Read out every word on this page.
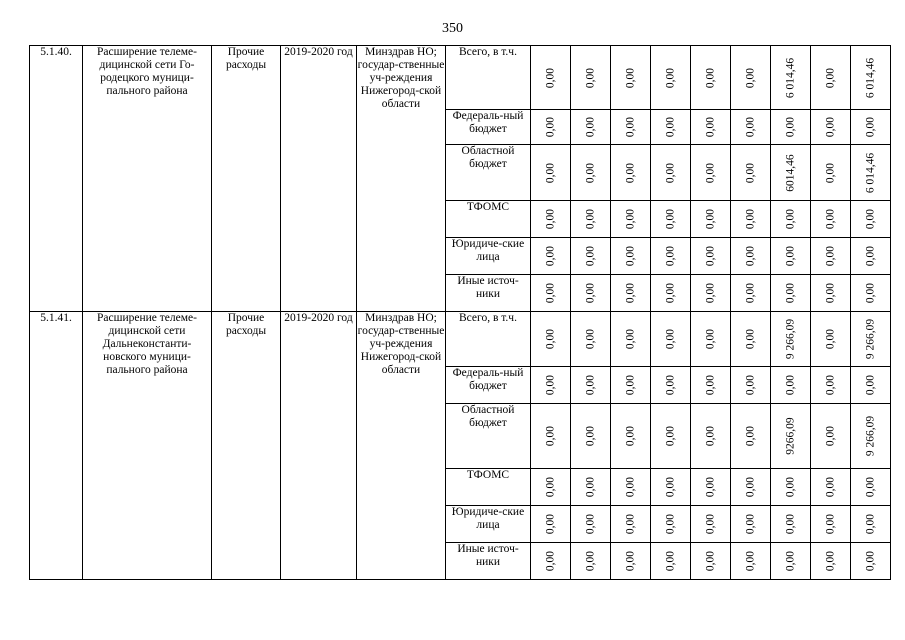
350
5.1.40.	Расширение телеме-дицинской сети Го-родецкого муници-пального района	Прочие расходы	2019-2020 год	Минздрав НО; государ-ственные уч-реждения Нижегород-ской области	Всего, в т.ч.	0,00	0,00	0,00	0,00	0,00	0,00	6 014,46	0,00	6 014,46

					Федераль-ный бюджет	0,00	0,00	0,00	0,00	0,00	0,00	0,00	0,00	0,00

					Областной бюджет	0,00	0,00	0,00	0,00	0,00	0,00	6014,46	0,00	6 014,46

					ТФОМС	0,00	0,00	0,00	0,00	0,00	0,00	0,00	0,00	0,00

					Юридиче-ские лица	0,00	0,00	0,00	0,00	0,00	0,00	0,00	0,00	0,00

					Иные источ-ники	0,00	0,00	0,00	0,00	0,00	0,00	0,00	0,00	0,00

5.1.41.	Расширение телеме-дицинской сети Дальнеконстанти-новского муници-пального района	Прочие расходы	2019-2020 год	Минздрав НО; государ-ственные уч-реждения Нижегород-ской области	Всего, в т.ч.	0,00	0,00	0,00	0,00	0,00	0,00	9 266,09	0,00	9 266,09

					Федераль-ный бюджет	0,00	0,00	0,00	0,00	0,00	0,00	0,00	0,00	0,00

					Областной бюджет	0,00	0,00	0,00	0,00	0,00	0,00	9266,09	0,00	9 266,09

					ТФОМС	0,00	0,00	0,00	0,00	0,00	0,00	0,00	0,00	0,00

					Юридиче-ские лица	0,00	0,00	0,00	0,00	0,00	0,00	0,00	0,00	0,00

					Иные источ-ники	0,00	0,00	0,00	0,00	0,00	0,00	0,00	0,00	0,00
